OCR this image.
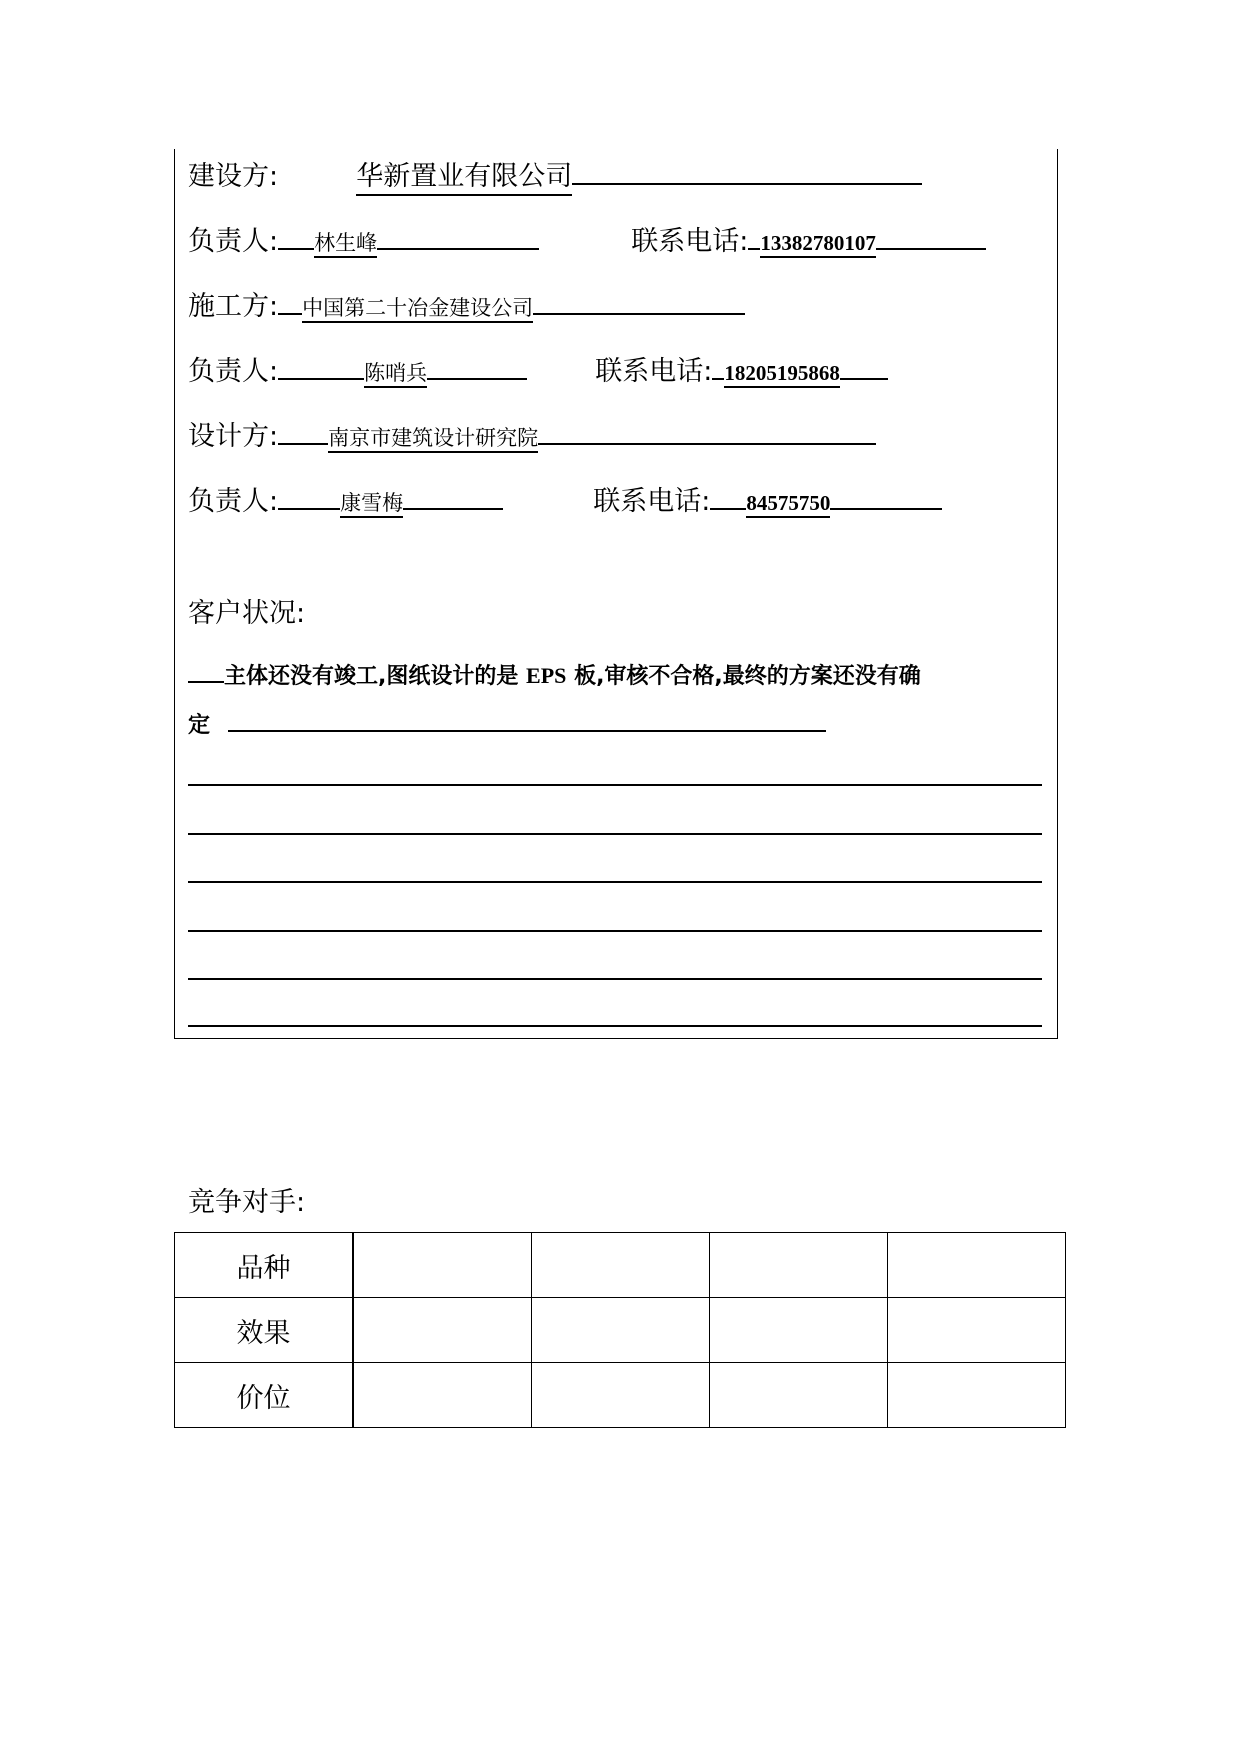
建设方:	华新置业有限公司
负责人: 林生峰	联系电话: 13382780107
施工方: 中国第二十冶金建设公司
负责人:	陈哨兵	联系电话: 18205195868
设计方: 南京市建筑设计研究院
负责人:	康雪梅	联系电话: 84575750
客户状况:
主体还没有竣工,图纸设计的是 EPS 板,审核不合格,最终的方案还没有确
定
竞争对手:
品种				
效果				
价位				
